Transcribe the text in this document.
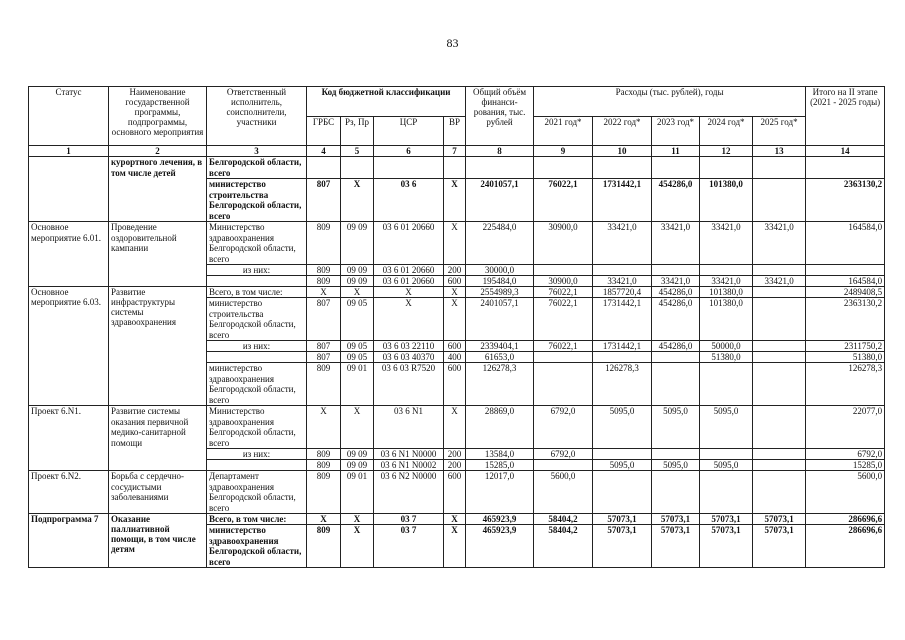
83
Статус	Наименование государственной программы, подпрограммы, основного мероприятия	Ответственный исполнитель, соисполнители, участники	Код бюджетной классификации				Общий объём финанси-рования, тыс. рублей	Расходы (тыс. рублей), годы					Итого на II этапе (2021 - 2025 годы)
			ГРБС	Рз, Пр	ЦСР	ВР		2021 год*	2022 год*	2023 год*	2024 год*	2025 год*	
1	2	3	4	5	6	7	8	9	10	11	12	13	14
	курортного лечения, в том числе детей	Белгородской области, всего											
		министерство строительства Белгородской области, всего	807	Х	03 6	Х	2401057,1	76022,1	1731442,1	454286,0	101380,0		2363130,2
Основное мероприятие 6.01.	Проведение оздоровительной кампании	Министерство здравоохранения Белгородской области, всего	809	09 09	03 6 01 20660	Х	225484,0	30900,0	33421,0	33421,0	33421,0	33421,0	164584,0
		из них:	809	09 09	03 6 01 20660	200	30000,0						
			809	09 09	03 6 01 20660	600	195484,0	30900,0	33421,0	33421,0	33421,0	33421,0	164584,0
Основное мероприятие 6.03.	Развитие инфраструктуры системы здравоохранения	Всего, в том числе:	Х	Х	Х	Х	2554989,3	76022,1	1857720,4	454286,0	101380,0		2489408,5
		министерство строительства Белгородской области, всего	807	09 05	Х	Х	2401057,1	76022,1	1731442,1	454286,0	101380,0		2363130,2
		из них:	807	09 05	03 6 03 22110	600	2339404,1	76022,1	1731442,1	454286,0	50000,0		2311750,2
			807	09 05	03 6 03 40370	400	61653,0				51380,0		51380,0
		министерство здравоохранения Белгородской области, всего	809	09 01	03 6 03 R7520	600	126278,3		126278,3				126278,3
Проект 6.N1.	Развитие системы оказания первичной медико-санитарной помощи	Министерство здравоохранения Белгородской области, всего	Х	Х	03 6 N1	Х	28869,0	6792,0	5095,0	5095,0	5095,0		22077,0
		из них:	809	09 09	03 6 N1 N0000	200	13584,0	6792,0					6792,0
			809	09 09	03 6 N1 N0002	200	15285,0		5095,0	5095,0	5095,0		15285,0
Проект 6.N2.	Борьба с сердечно-сосудистыми заболеваниями	Департамент здравоохранения Белгородской области, всего	809	09 01	03 6 N2 N0000	600	12017,0	5600,0					5600,0
Подпрограмма 7	Оказание паллиативной помощи, в том числе детям	Всего, в том числе:	Х	Х	03 7	Х	465923,9	58404,2	57073,1	57073,1	57073,1	57073,1	286696,6
		министерство здравоохранения Белгородской области, всего	809	Х	03 7	Х	465923,9	58404,2	57073,1	57073,1	57073,1	57073,1	286696,6
